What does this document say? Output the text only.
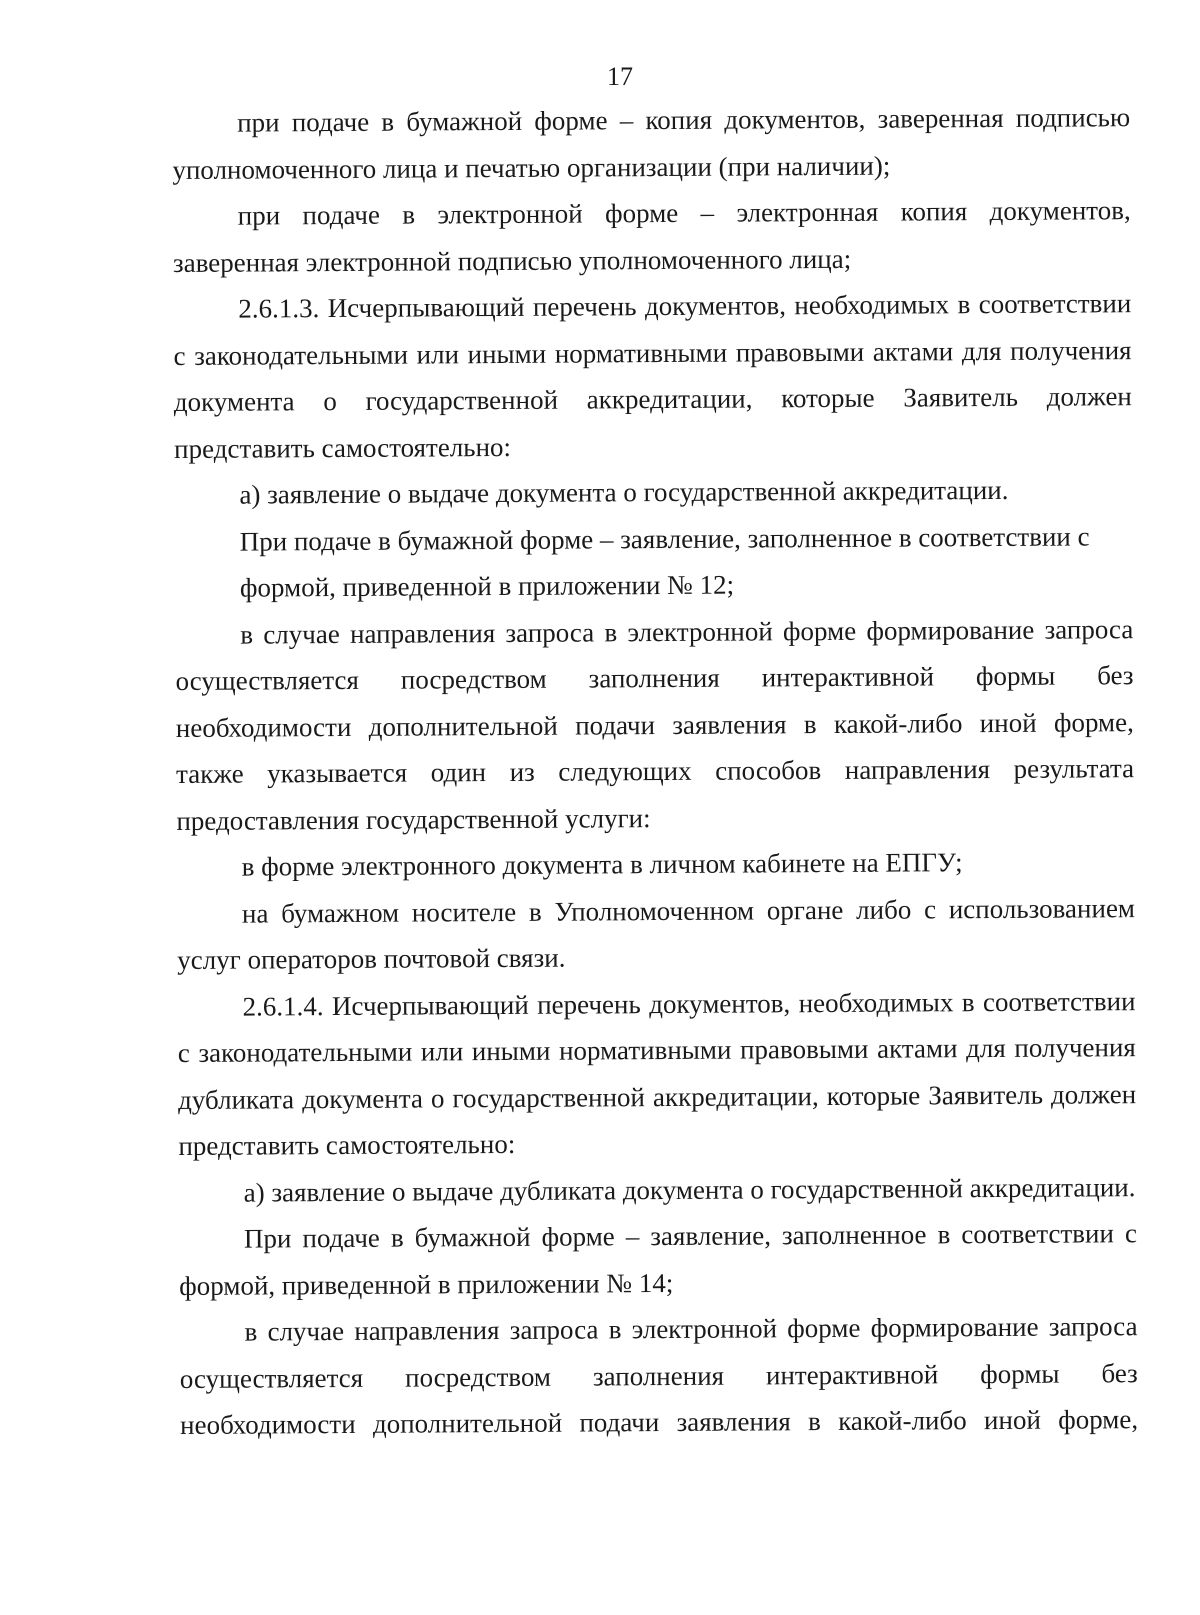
17

при подаче в бумажной форме – копия документов, заверенная подписью уполномоченного лица и печатью организации (при наличии);

при подаче в электронной форме – электронная копия документов, заверенная электронной подписью уполномоченного лица;

2.6.1.3. Исчерпывающий перечень документов, необходимых в соответствии с законодательными или иными нормативными правовыми актами для получения документа о государственной аккредитации, которые Заявитель должен представить самостоятельно:

а) заявление о выдаче документа о государственной аккредитации.

При подаче в бумажной форме – заявление, заполненное в соответствии с

формой, приведенной в приложении № 12;

в случае направления запроса в электронной форме формирование запроса осуществляется посредством заполнения интерактивной формы без необходимости дополнительной подачи заявления в какой-либо иной форме, также указывается один из следующих способов направления результата предоставления государственной услуги:

в форме электронного документа в личном кабинете на ЕПГУ;

на бумажном носителе в Уполномоченном органе либо с использованием услуг операторов почтовой связи.

2.6.1.4. Исчерпывающий перечень документов, необходимых в соответствии с законодательными или иными нормативными правовыми актами для получения дубликата документа о государственной аккредитации, которые Заявитель должен представить самостоятельно:

а) заявление о выдаче дубликата документа о государственной аккредитации.

При подаче в бумажной форме – заявление, заполненное в соответствии с формой, приведенной в приложении № 14;

в случае направления запроса в электронной форме формирование запроса осуществляется посредством заполнения интерактивной формы без необходимости дополнительной подачи заявления в какой-либо иной форме,
